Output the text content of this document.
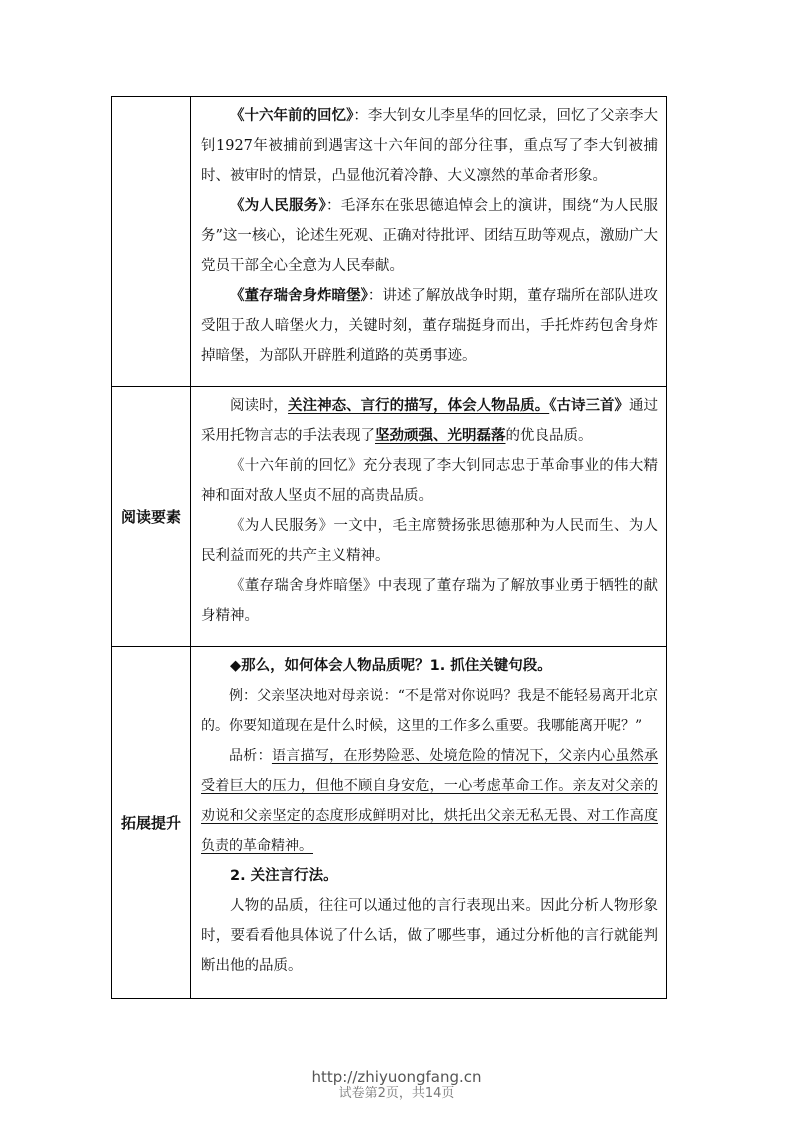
	《十六年前的回忆》：李大钊女儿李星华的回忆录，回忆了父亲李大钊1927年被捕前到遇害这十六年间的部分往事，重点写了李大钊被捕时、被审时的情景，凸显他沉着冷静、大义凛然的革命者形象。

《为人民服务》：毛泽东在张思德追悼会上的演讲，围绕“为人民服务”这一核心，论述生死观、正确对待批评、团结互助等观点，激励广大党员干部全心全意为人民奉献。

《董存瑞舍身炸暗堡》：讲述了解放战争时期，董存瑞所在部队进攻受阻于敌人暗堡火力，关键时刻，董存瑞挺身而出，手托炸药包舍身炸掉暗堡，为部队开辟胜利道路的英勇事迹。

阅读要素	阅读时，关注神态、言行的描写，体会人物品质。《古诗三首》通过采用托物言志的手法表现了坚劲顽强、光明磊落的优良品质。

《十六年前的回忆》充分表现了李大钊同志忠于革命事业的伟大精神和面对敌人坚贞不屈的高贵品质。

《为人民服务》一文中，毛主席赞扬张思德那种为人民而生、为人民利益而死的共产主义精神。

《董存瑞舍身炸暗堡》中表现了董存瑞为了解放事业勇于牺牲的献身精神。

拓展提升	◆那么，如何体会人物品质呢？1. 抓住关键句段。

例：父亲坚决地对母亲说：“不是常对你说吗？我是不能轻易离开北京的。你要知道现在是什么时候，这里的工作多么重要。我哪能离开呢？”

品析：语言描写，在形势险恶、处境危险的情况下，父亲内心虽然承受着巨大的压力，但他不顾自身安危，一心考虑革命工作。亲友对父亲的劝说和父亲坚定的态度形成鲜明对比，烘托出父亲无私无畏、对工作高度负责的革命精神。

2. 关注言行法。

人物的品质，往往可以通过他的言行表现出来。因此分析人物形象时，要看看他具体说了什么话，做了哪些事，通过分析他的言行就能判断出他的品质。

http://zhiyuongfang.cn
试卷第2页，共14页
